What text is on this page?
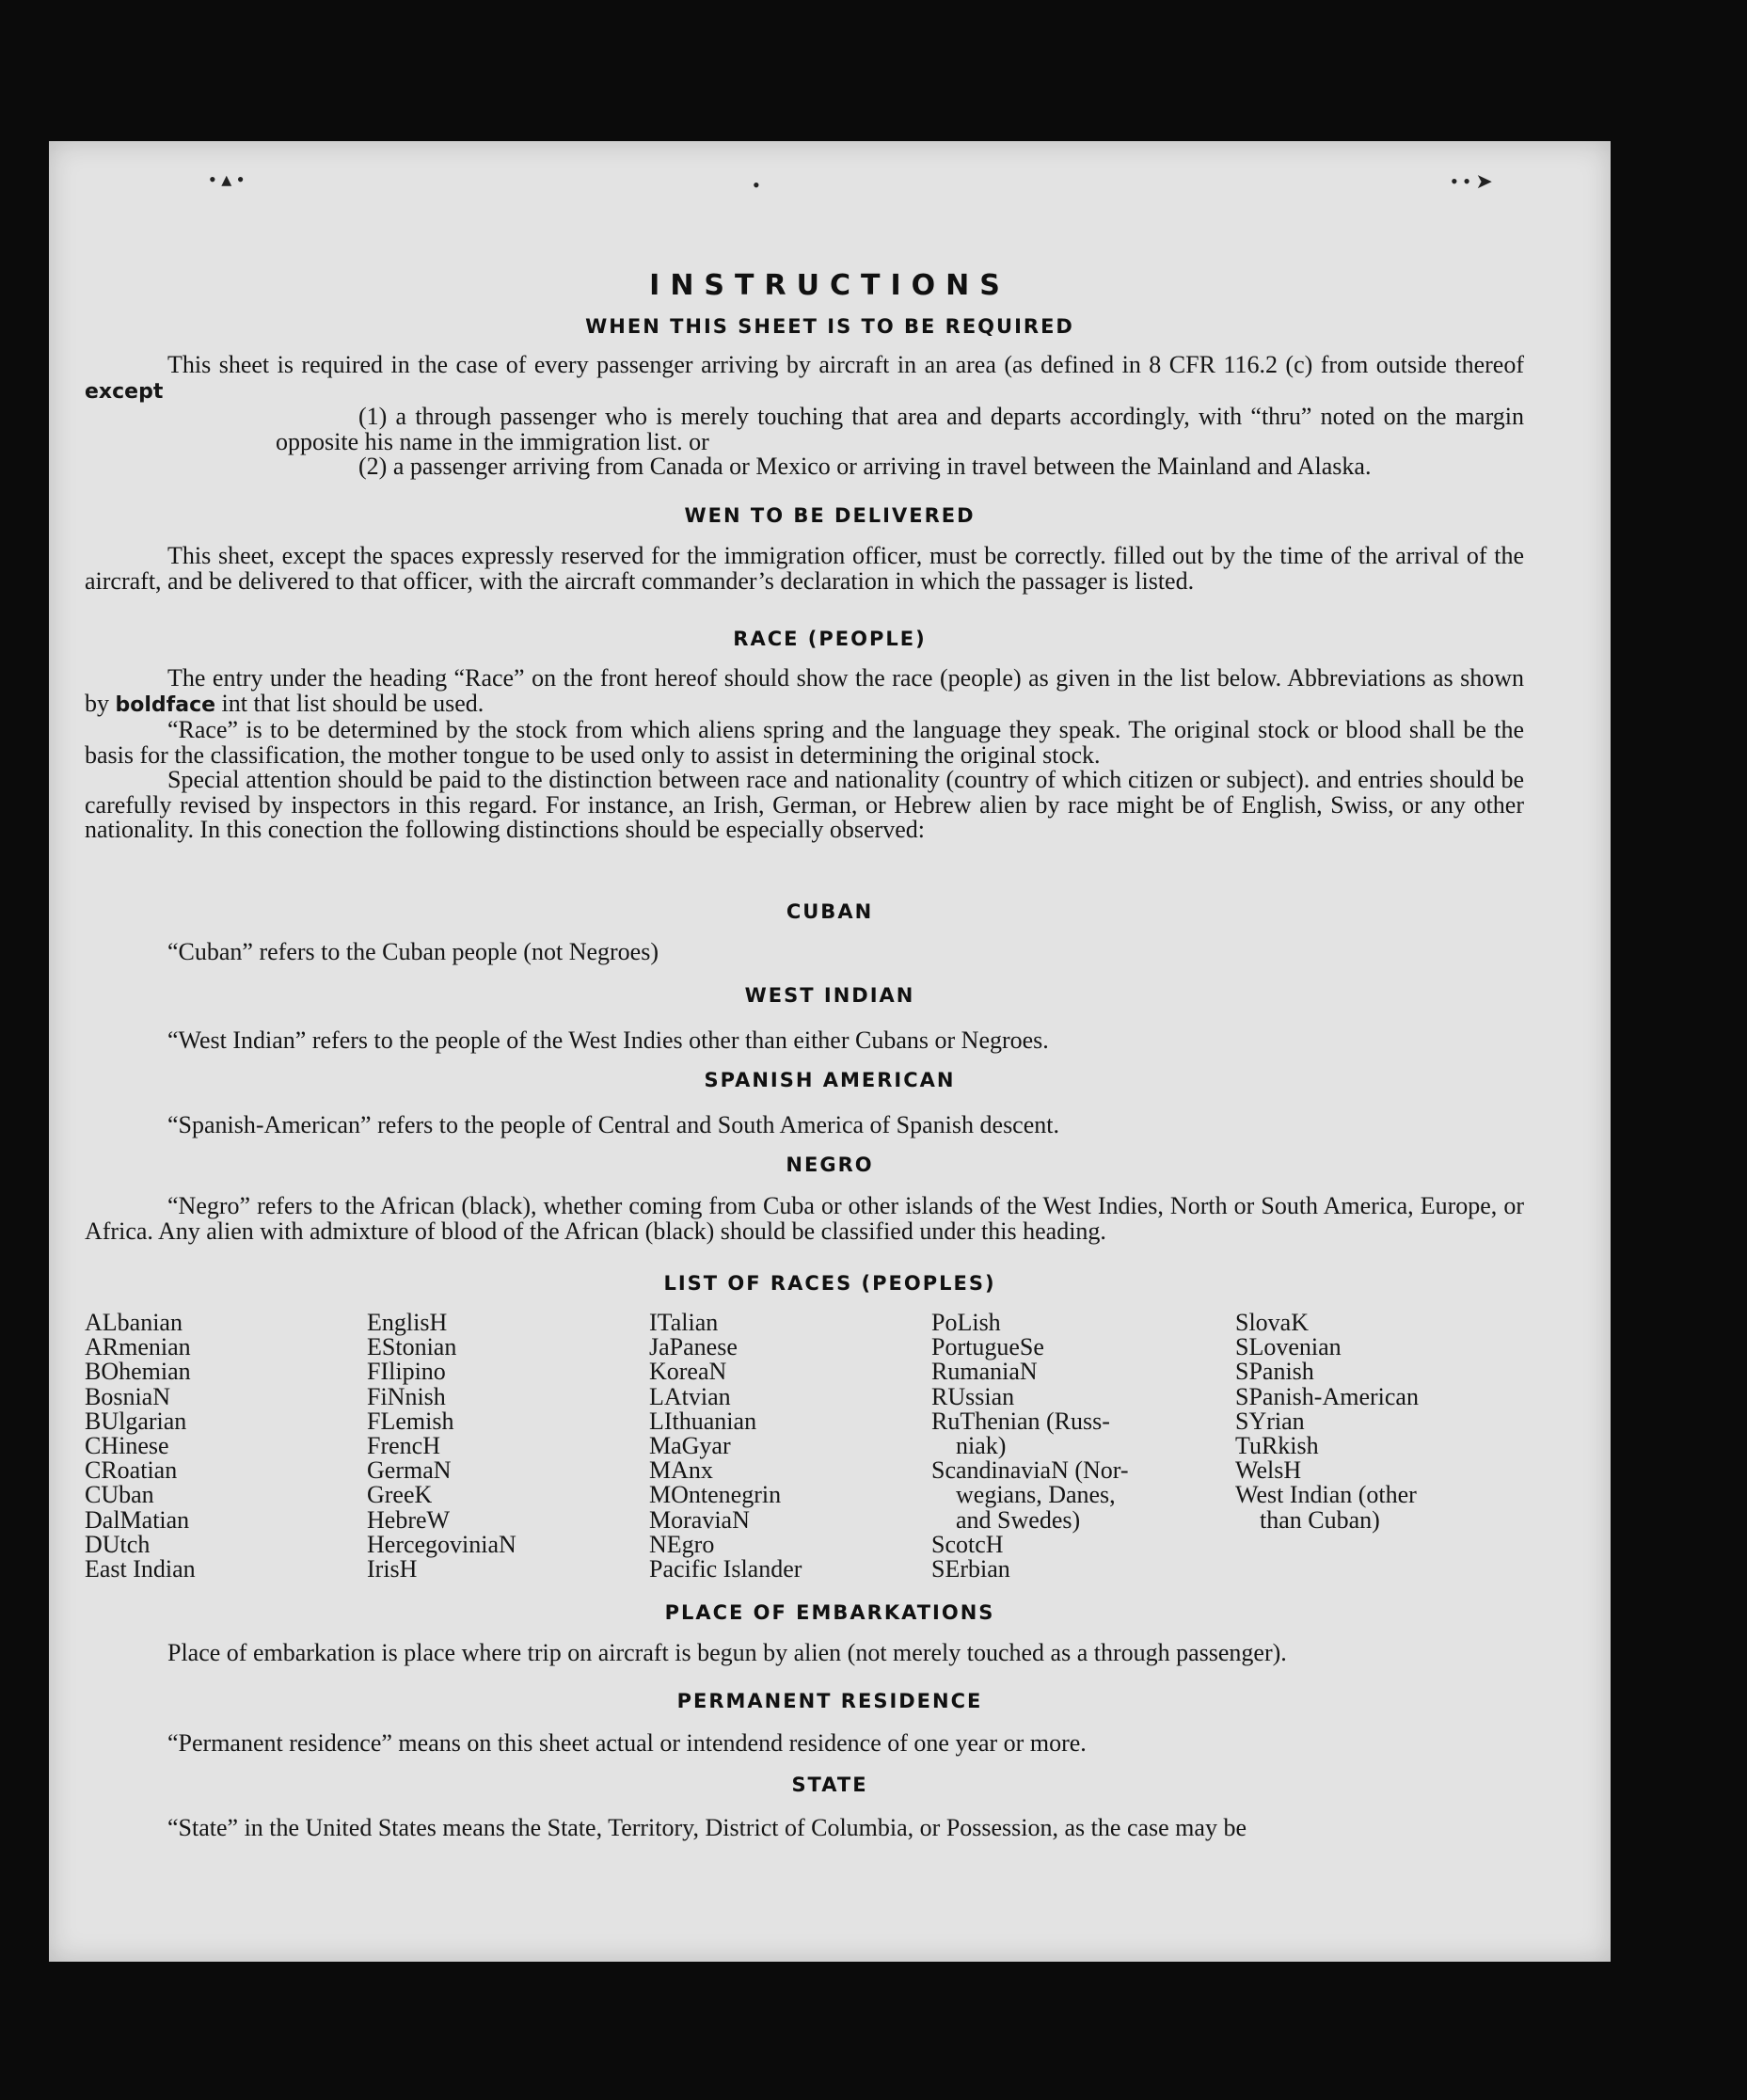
• ▴ •	•	• • ➤
INSTRUCTIONS
WHEN THIS SHEET IS TO BE REQUIRED

This sheet is required in the case of every passenger arriving by aircraft in an area (as defined in 8 CFR 116.2 (c) from outside thereof except

(1) a through passenger who is merely touching that area and departs accordingly, with “thru” noted on the margin opposite his name in the immigration list. or

(2) a passenger arriving from Canada or Mexico or arriving in travel between the Mainland and Alaska.

WEN TO BE DELIVERED

This sheet, except the spaces expressly reserved for the immigration officer, must be correctly. filled out by the time of the arrival of the aircraft, and be delivered to that officer, with the aircraft commander’s declaration in which the passager is listed.

RACE (PEOPLE)

The entry under the heading “Race” on the front hereof should show the race (people) as given in the list below. Abbreviations as shown by boldface int that list should be used.

“Race” is to be determined by the stock from which aliens spring and the language they speak. The original stock or blood shall be the basis for the classification, the mother tongue to be used only to assist in determining the original stock.

Special attention should be paid to the distinction between race and nationality (country of which citizen or subject). and entries should be carefully revised by inspectors in this regard. For instance, an Irish, German, or Hebrew alien by race might be of English, Swiss, or any other nationality. In this conection the following distinctions should be especially observed:

CUBAN

“Cuban” refers to the Cuban people (not Negroes)

WEST INDIAN

“West Indian” refers to the people of the West Indies other than either Cubans or Negroes.

SPANISH AMERICAN

“Spanish-American” refers to the people of Central and South America of Spanish descent.

NEGRO

“Negro” refers to the African (black), whether coming from Cuba or other islands of the West Indies, North or South America, Europe, or Africa. Any alien with admixture of blood of the African (black) should be classified under this heading.

LIST OF RACES (PEOPLES)
ALbanian
ARmenian
BOhemian
BosniaN
BUlgarian
CHinese
CRoatian
CUban
DalMatian
DUtch
East Indian
EnglisH
EStonian
FIlipino
FiNnish
FLemish
FrencH
GermaN
GreeK
HebreW
HercegoviniaN
IrisH
ITalian
JaPanese
KoreaN
LAtvian
LIthuanian
MaGyar
MAnx
MOntenegrin
MoraviaN
NEgro
Pacific Islander
PoLish
PortugueSe
RumaniaN
RUssian
RuThenian (Russ-
niak)
ScandinaviaN (Nor-
wegians, Danes,
and Swedes)
ScotcH
SErbian
SlovaK
SLovenian
SPanish
SPanish-American
SYrian
TuRkish
WelsH
West Indian (other
than Cuban)
PLACE OF EMBARKATIONS

Place of embarkation is place where trip on aircraft is begun by alien (not merely touched as a through passenger).

PERMANENT RESIDENCE

“Permanent residence” means on this sheet actual or intendend residence of one year or more.

STATE

“State” in the United States means the State, Territory, District of Columbia, or Possession, as the case may be
